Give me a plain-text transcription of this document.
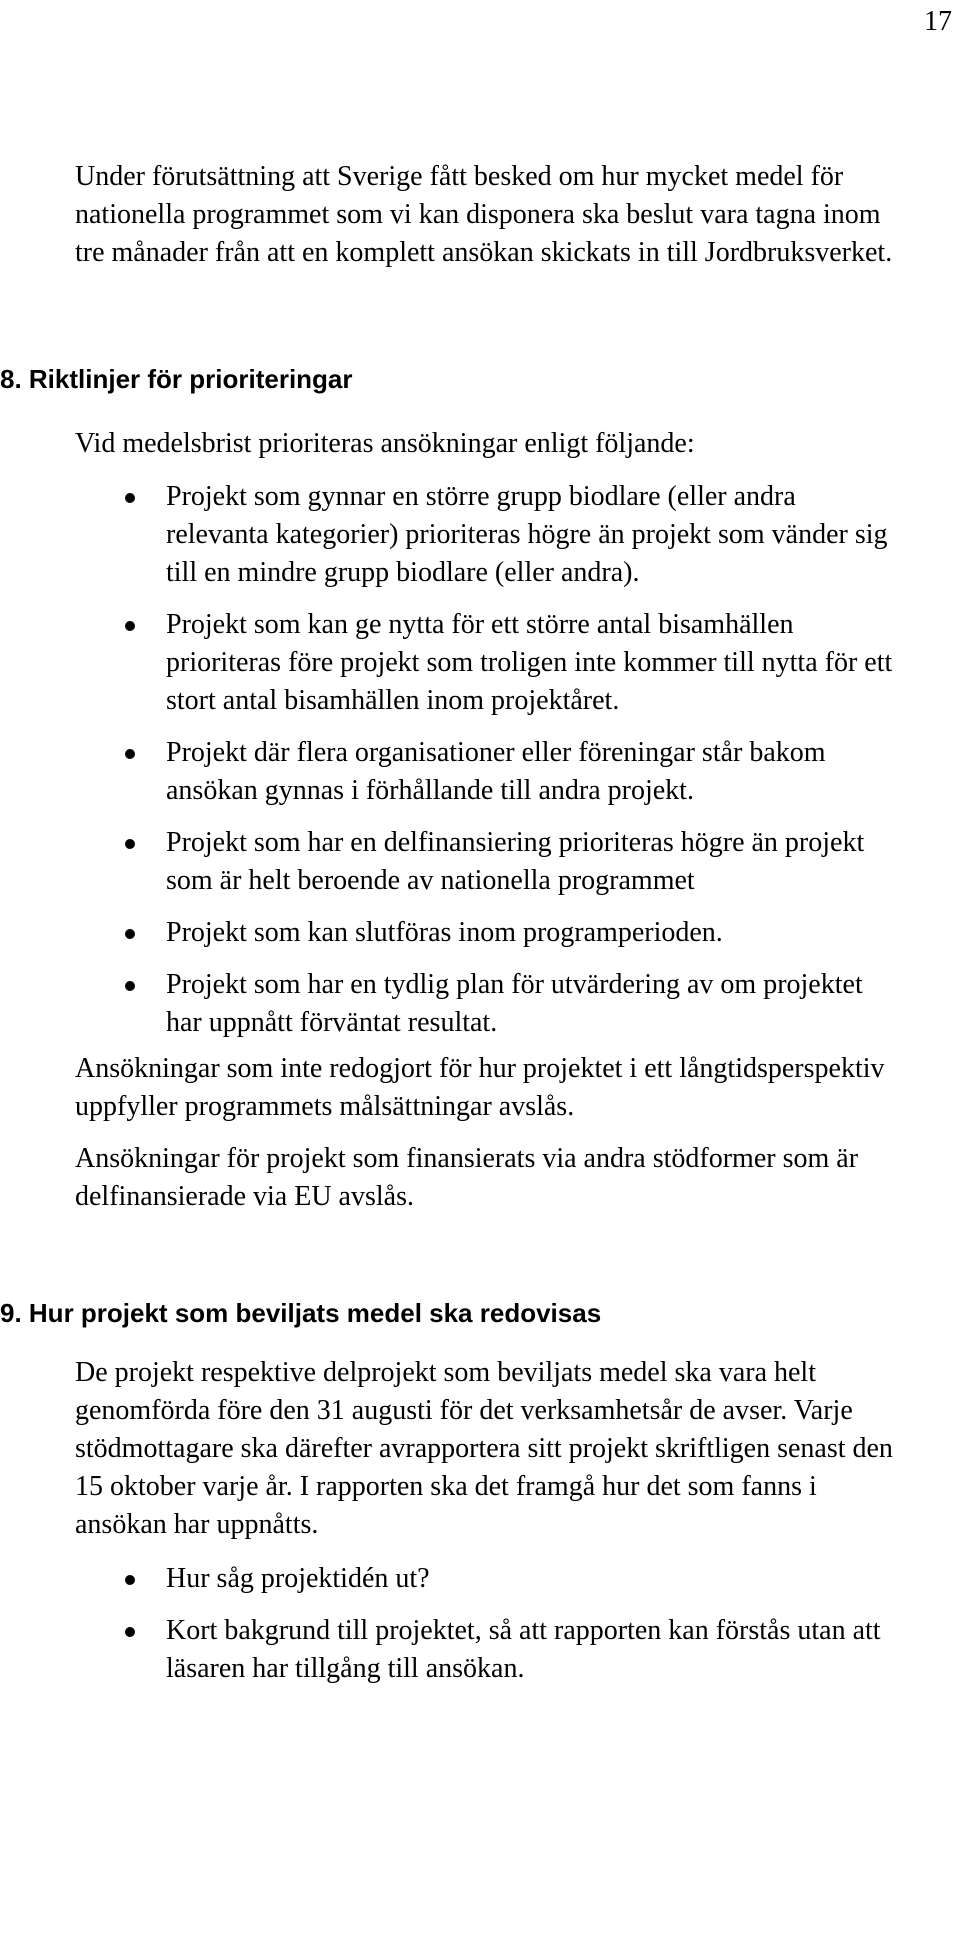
17

Under förutsättning att Sverige fått besked om hur mycket medel för nationella programmet som vi kan disponera ska beslut vara tagna inom tre månader från att en komplett ansökan skickats in till Jordbruksverket.

8. Riktlinjer för prioriteringar

Vid medelsbrist prioriteras ansökningar enligt följande:

Projekt som gynnar en större grupp biodlare (eller andra relevanta kategorier) prioriteras högre än projekt som vänder sig till en mindre grupp biodlare (eller andra).
Projekt som kan ge nytta för ett större antal bisamhällen prioriteras före projekt som troligen inte kommer till nytta för ett stort antal bisamhällen inom projektåret.
Projekt där flera organisationer eller föreningar står bakom ansökan gynnas i förhållande till andra projekt.
Projekt som har en delfinansiering prioriteras högre än projekt som är helt beroende av nationella programmet
Projekt som kan slutföras inom programperioden.
Projekt som har en tydlig plan för utvärdering av om projektet har uppnått förväntat resultat.

Ansökningar som inte redogjort för hur projektet i ett långtidsperspektiv uppfyller programmets målsättningar avslås.

Ansökningar för projekt som finansierats via andra stödformer som är delfinansierade via EU avslås.

9. Hur projekt som beviljats medel ska redovisas

De projekt respektive delprojekt som beviljats medel ska vara helt genomförda före den 31 augusti för det verksamhetsår de avser. Varje stödmottagare ska därefter avrapportera sitt projekt skriftligen senast den 15 oktober varje år. I rapporten ska det framgå hur det som fanns i ansökan har uppnåtts.

Hur såg projektidén ut?
Kort bakgrund till projektet, så att rapporten kan förstås utan att läsaren har tillgång till ansökan.
